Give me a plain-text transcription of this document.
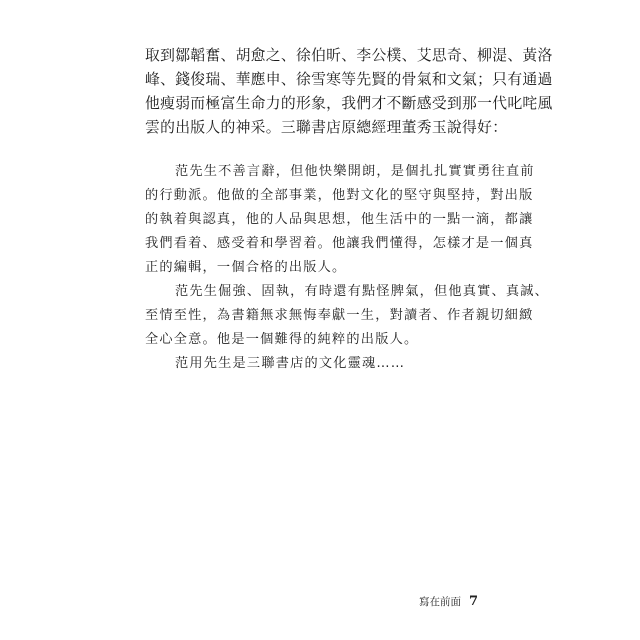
取到鄒韜奮、胡愈之、徐伯昕、李公樸、艾思奇、柳湜、黃洛
峰、錢俊瑞、華應申、徐雪寒等先賢的骨氣和文氣；只有通過
他瘦弱而極富生命力的形象，我們才不斷感受到那一代叱咤風
雲的出版人的神采。三聯書店原總經理董秀玉說得好：
范先生不善言辭，但他快樂開朗，是個扎扎實實勇往直前
的行動派。他做的全部事業，他對文化的堅守與堅持，對出版
的執着與認真，他的人品與思想，他生活中的一點一滴，都讓
我們看着、感受着和學習着。他讓我們懂得，怎樣才是一個真
正的編輯，一個合格的出版人。
范先生倔強、固執，有時還有點怪脾氣，但他真實、真誠、
至情至性，為書籍無求無悔奉獻一生，對讀者、作者親切細緻
全心全意。他是一個難得的純粹的出版人。
范用先生是三聯書店的文化靈魂……
寫在前面 7
